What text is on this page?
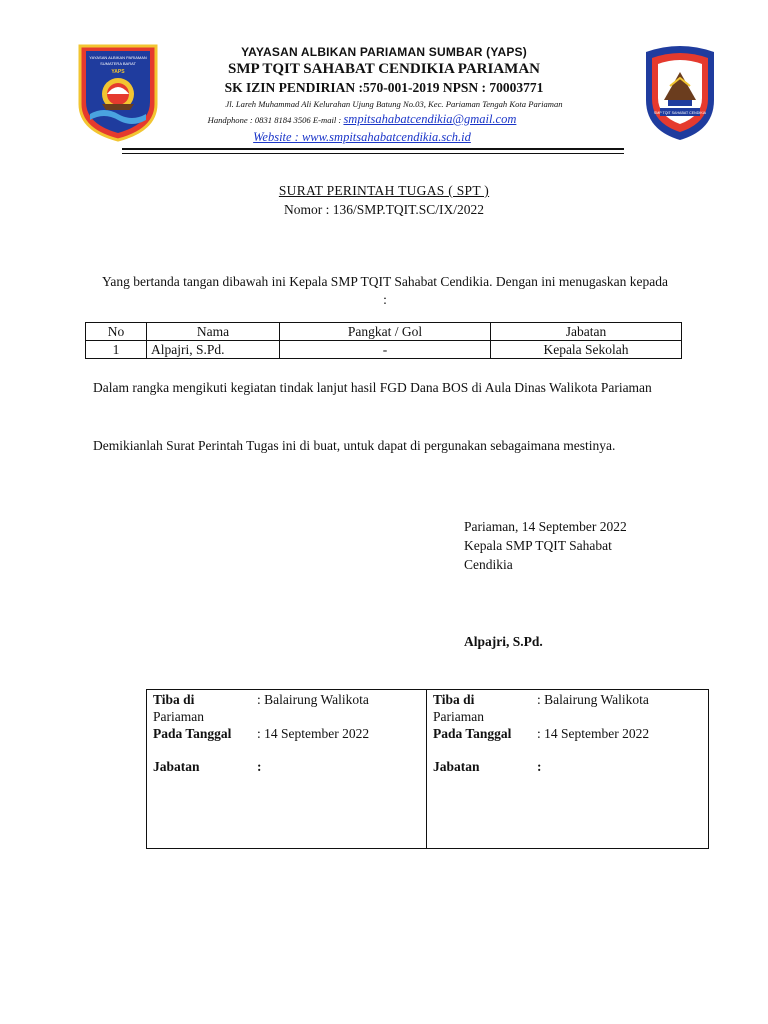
YAYASAN ALBIKAN PARIAMAN
SUMATERA BARAT
YAPS
SMP TQIT SAHABAT CENDIKIA
YAYASAN ALBIKAN PARIAMAN SUMBAR (YAPS)
SMP TQIT SAHABAT CENDIKIA PARIAMAN
SK IZIN PENDIRIAN :570-001-2019 NPSN : 70003771
Jl. Lareh Muhammad Ali Kelurahan Ujung Batung No.03, Kec. Pariaman Tengah Kota Pariaman
Handphone : 0831 8184 3506 E-mail : smpitsahabatcendikia@gmail.com
Website : www.smpitsahabatcendikia.sch.id
SURAT PERINTAH TUGAS ( SPT )
Nomor : 136/SMP.TQIT.SC/IX/2022
Yang bertanda tangan dibawah ini Kepala SMP TQIT Sahabat Cendikia. Dengan ini menugaskan kepada :
No	Nama	Pangkat / Gol	Jabatan
1	Alpajri, S.Pd.	-	Kepala Sekolah
Dalam rangka mengikuti kegiatan tindak lanjut hasil FGD Dana BOS di Aula Dinas Walikota Pariaman
Demikianlah Surat Perintah Tugas ini di buat, untuk dapat di pergunakan sebagaimana mestinya.
Pariaman, 14 September 2022
Kepala SMP TQIT Sahabat
Cendikia
Alpajri, S.Pd.
Tiba di	: Balairung Walikota
Pariaman
Pada Tanggal : 14 September 2022
Jabatan	:
Tiba di	: Balairung Walikota
Pariaman
Pada Tanggal : 14 September 2022
Jabatan	:
